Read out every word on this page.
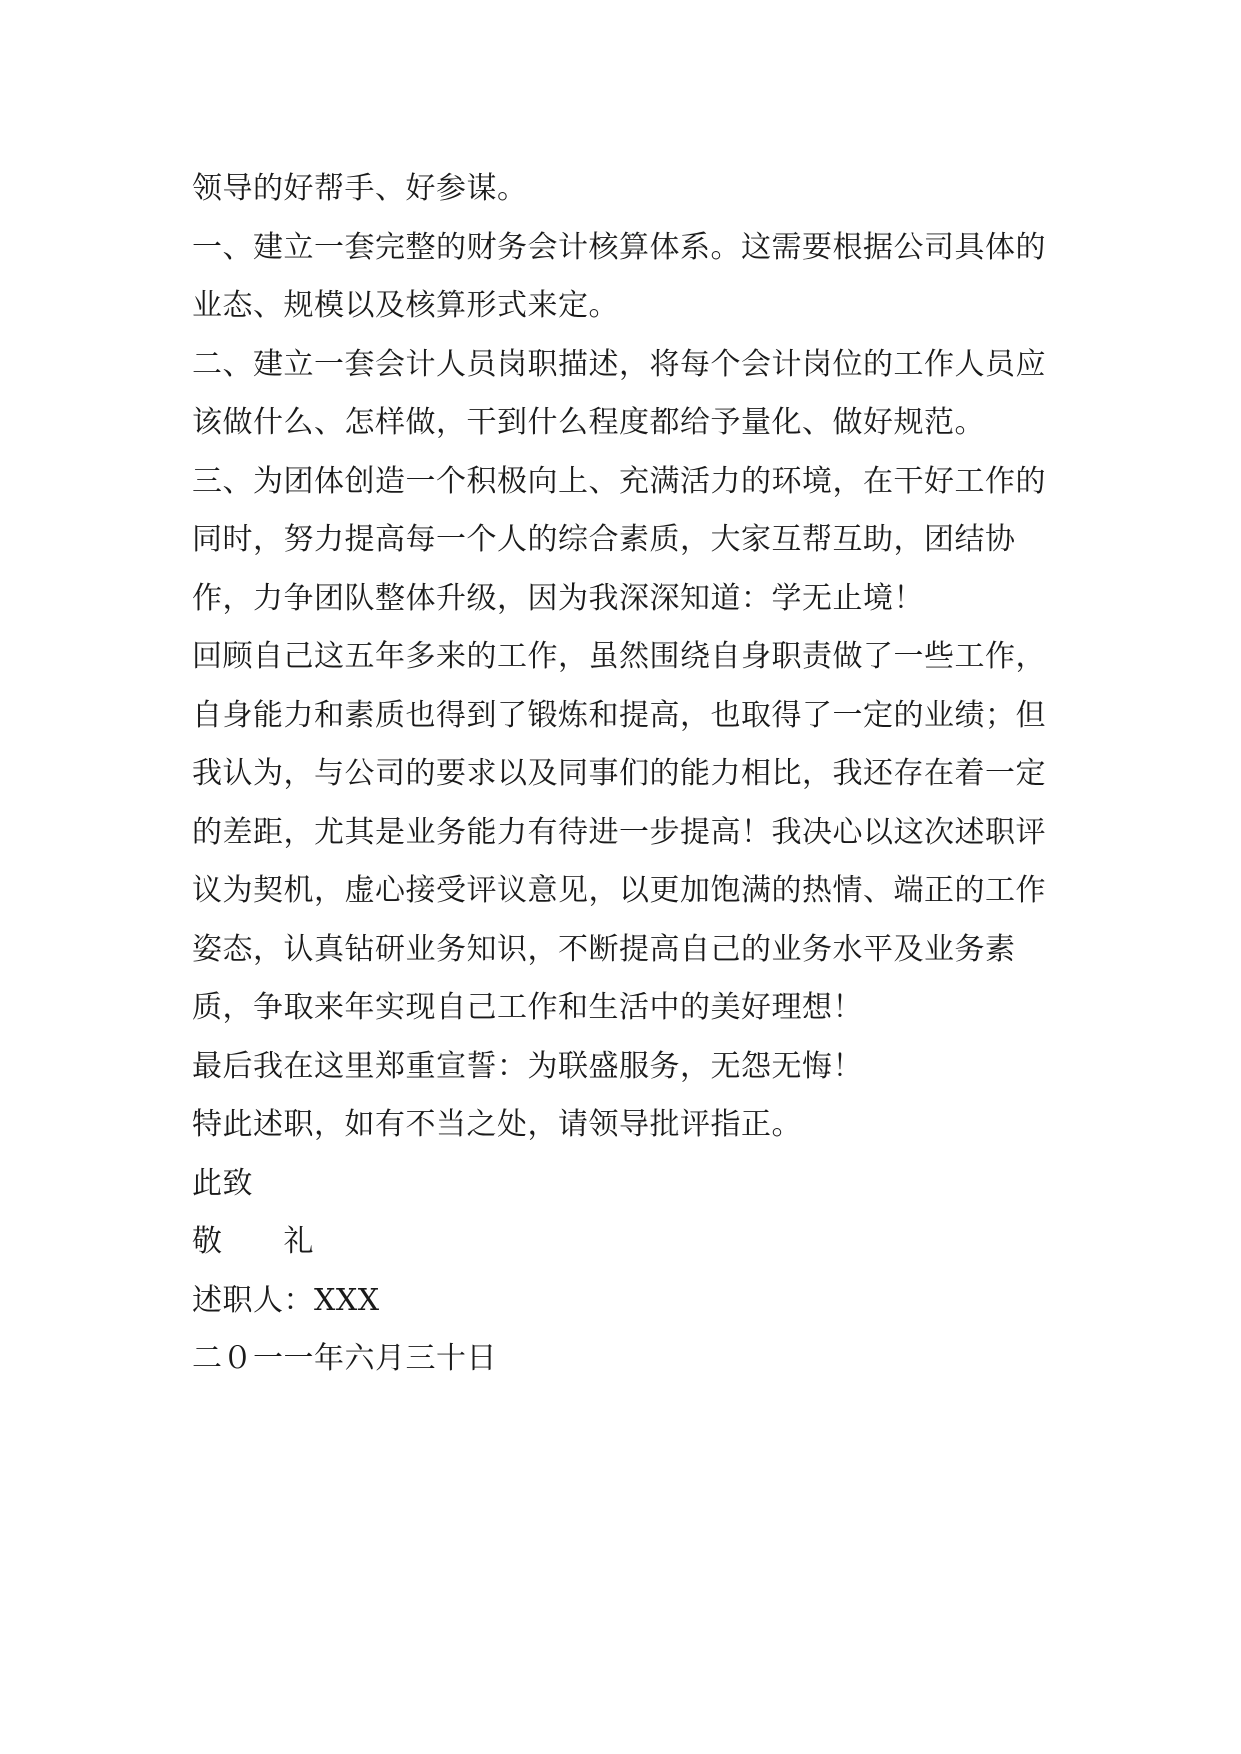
领导的好帮手、好参谋。

一、建立一套完整的财务会计核算体系。这需要根据公司具体的业态、规模以及核算形式来定。

二、建立一套会计人员岗职描述，将每个会计岗位的工作人员应该做什么、怎样做，干到什么程度都给予量化、做好规范。

三、为团体创造一个积极向上、充满活力的环境，在干好工作的同时，努力提高每一个人的综合素质，大家互帮互助，团结协作，力争团队整体升级，因为我深深知道：学无止境！

回顾自己这五年多来的工作，虽然围绕自身职责做了一些工作，自身能力和素质也得到了锻炼和提高，也取得了一定的业绩；但我认为，与公司的要求以及同事们的能力相比，我还存在着一定的差距，尤其是业务能力有待进一步提高！我决心以这次述职评议为契机，虚心接受评议意见，以更加饱满的热情、端正的工作姿态，认真钻研业务知识，不断提高自己的业务水平及业务素质，争取来年实现自己工作和生活中的美好理想！

最后我在这里郑重宣誓：为联盛服务，无怨无悔！

特此述职，如有不当之处，请领导批评指正。

此致

敬　　礼

述职人：XXX

二０一一年六月三十日
